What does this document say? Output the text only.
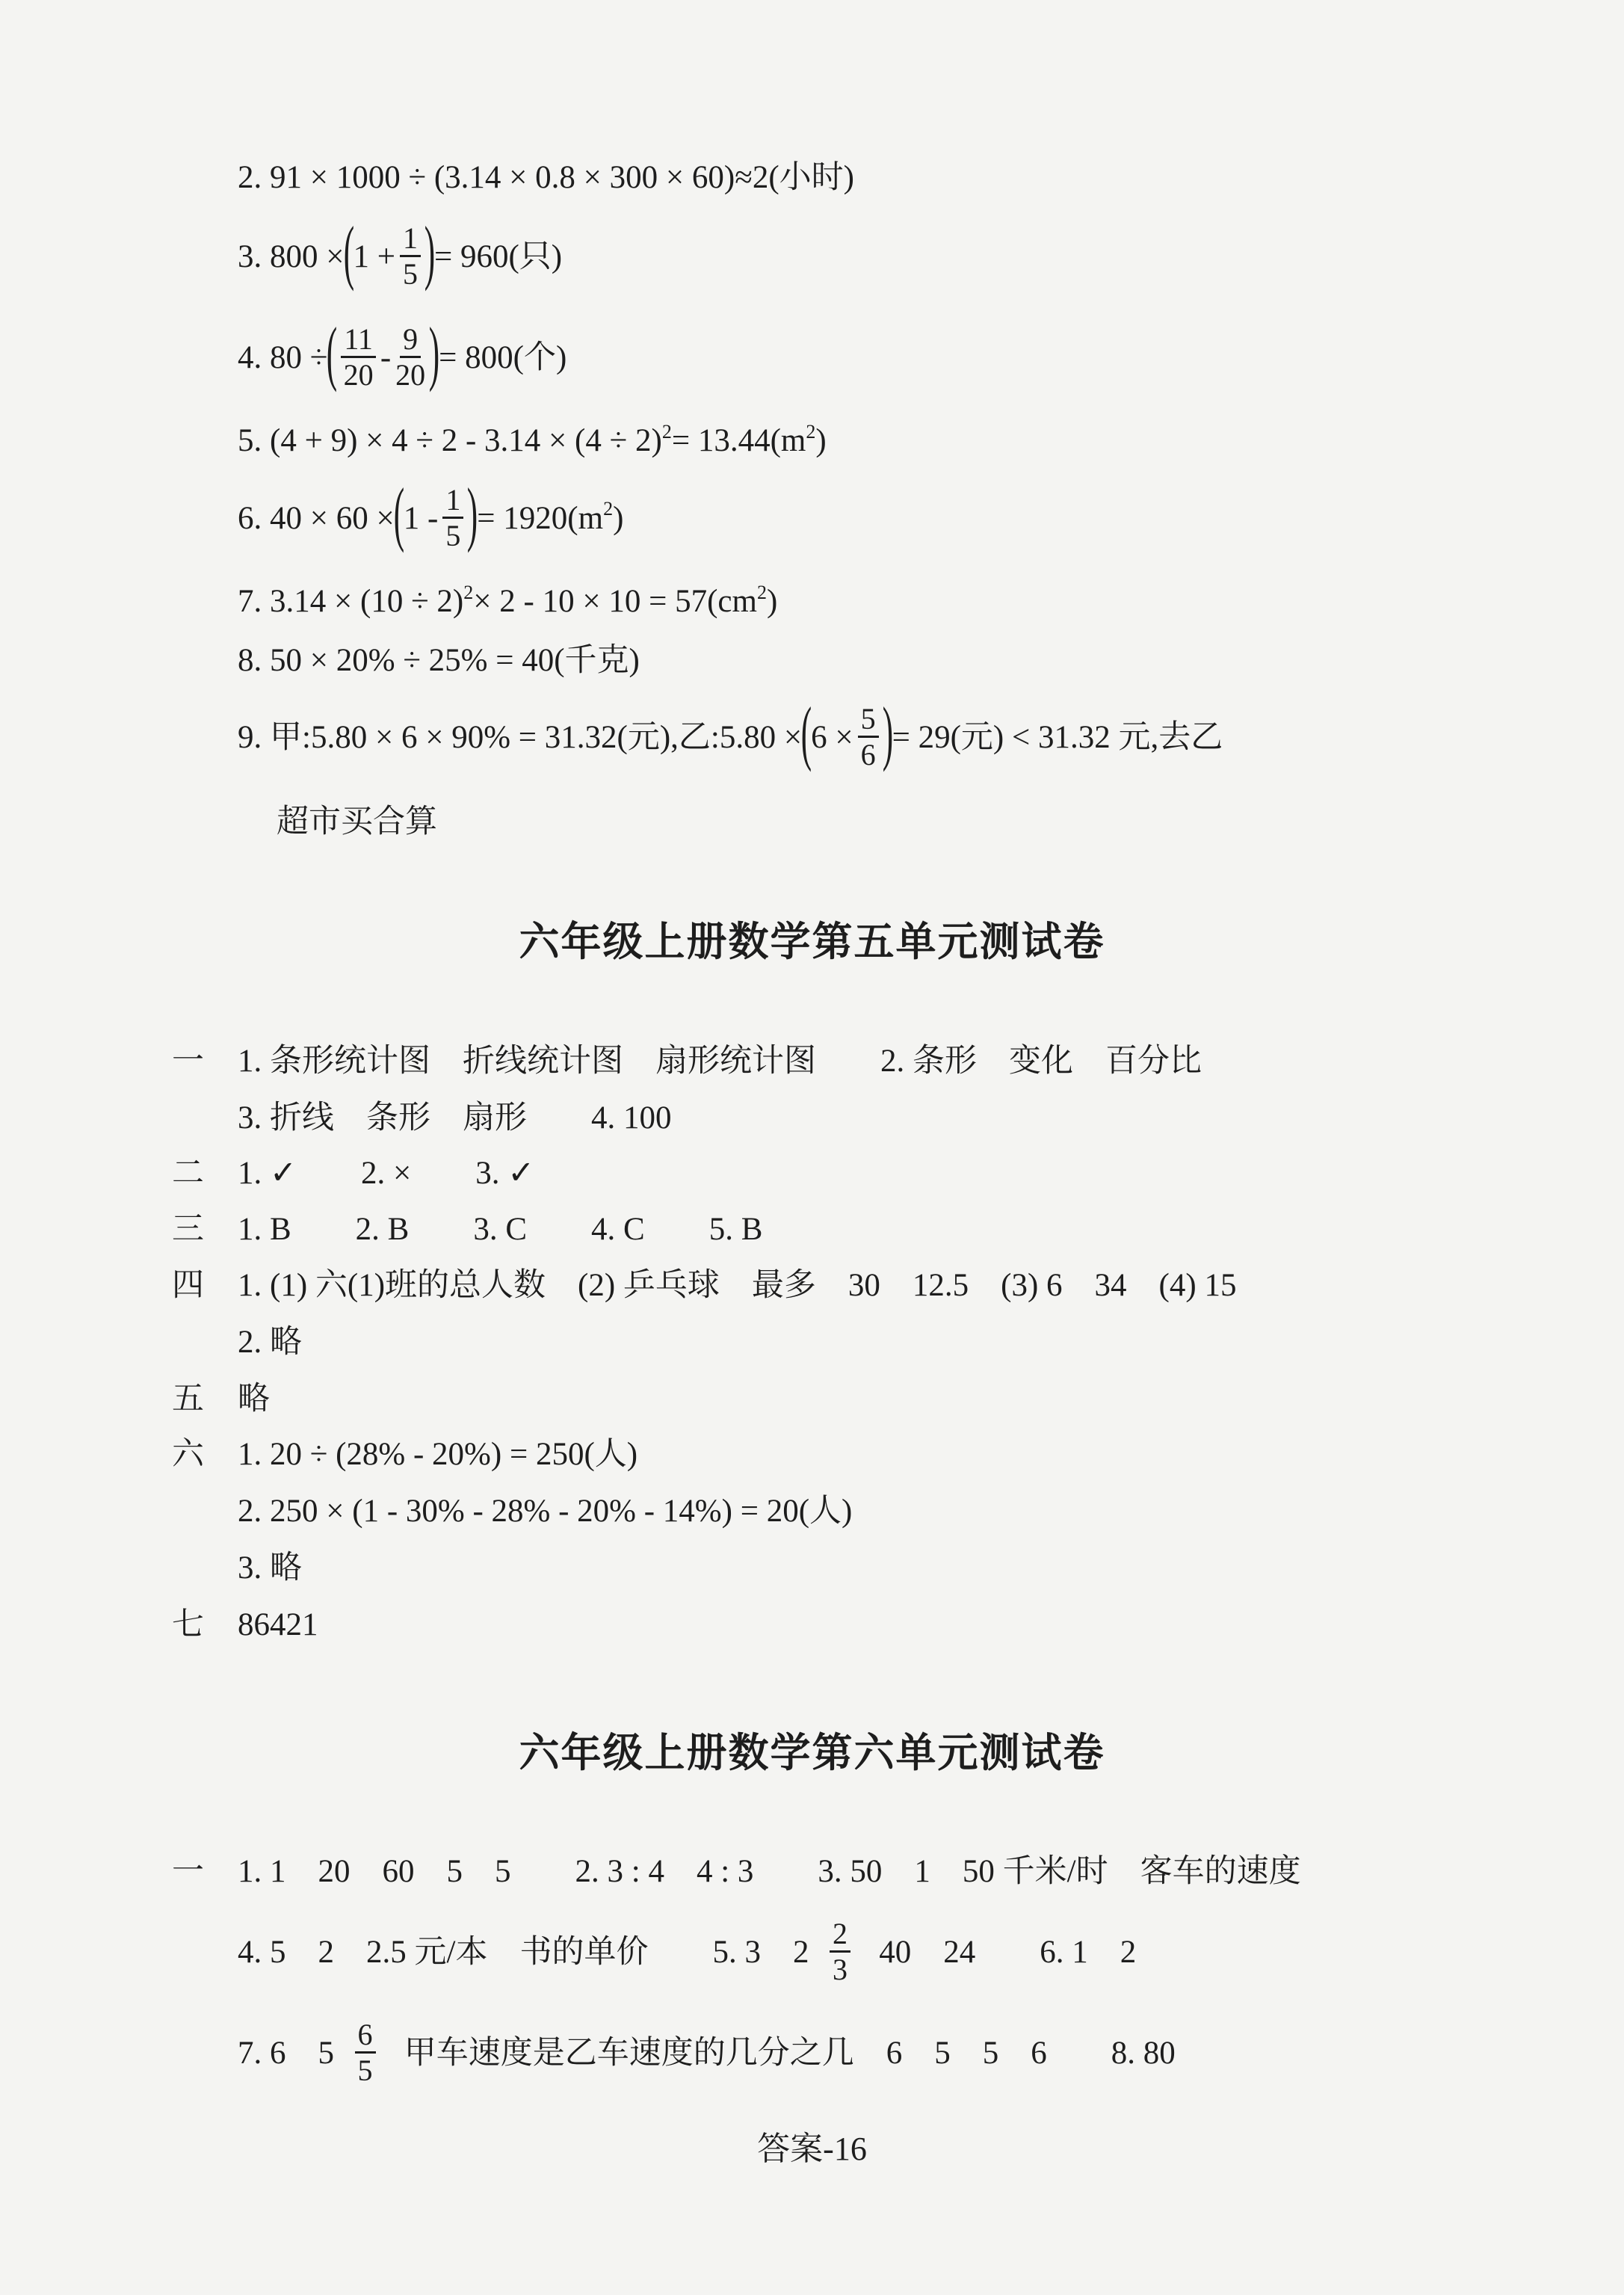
2. 91 × 1000 ÷ (3.14 × 0.8 × 300 × 60)≈2(小时)
3. 800 ×
(
$1 + \frac{1}{5}$ )
= 960(只)
4. 80 ÷
( $\frac{11}{20} - \frac{9}{20}$ )
= 800(个)
5. $(4 + 9) \times 4 \div 2 - 3.14 \times (4 \div 2)^2 = 13.44(m^2$ )
6. 40 × 60 ×
(
$1 - \frac{1}{5}$ )
= $1920(m^2$ )
7. $3.14 \times (10 \div 2)^2 \times 2 - 10 \times 10 = 57(cm^2$ )
8. 50 × 20% ÷ 25% = 40(千克)
9. 甲:5.80 × 6 × 90% = 31.32(元),乙:5.80 ×
(
$6 \times \frac{5}{6}$ )
= 29(元) < 31.32 元,去乙
超市买合算
六年级上册数学第五单元测试卷
一 1. 条形统计图    折线统计图    扇形统计图        2. 条形    变化    百分比
3. 折线    条形    扇形        4. 100
二 1. ✓        2. ×        3. ✓
三 1. B        2. B        3. C        4. C        5. B
四 1. (1) 六(1)班的总人数    (2) 乒乓球    最多    30    12.5    (3) 6    34    (4) 15
2. 略
五 略
六 1. 20 ÷ (28% - 20%) = 250(人)
2. 250 × (1 - 30% - 28% - 20% - 14%) = 20(人)
3. 略
七 86421
六年级上册数学第六单元测试卷
一 1. 1    20    60    5    5        2. 3 : 4    4 : 3        3. 50    1    50 千米/时    客车的速度
4. 5    2    2.5 元/本    书的单价        5. 3    $2 \frac{2}{3} 40$    24        6. 1    2
7. 6    $5 \frac{6}{5}$ 甲车速度是乙车速度的几分之几    6    5    5    6        8. 80
答案-16
